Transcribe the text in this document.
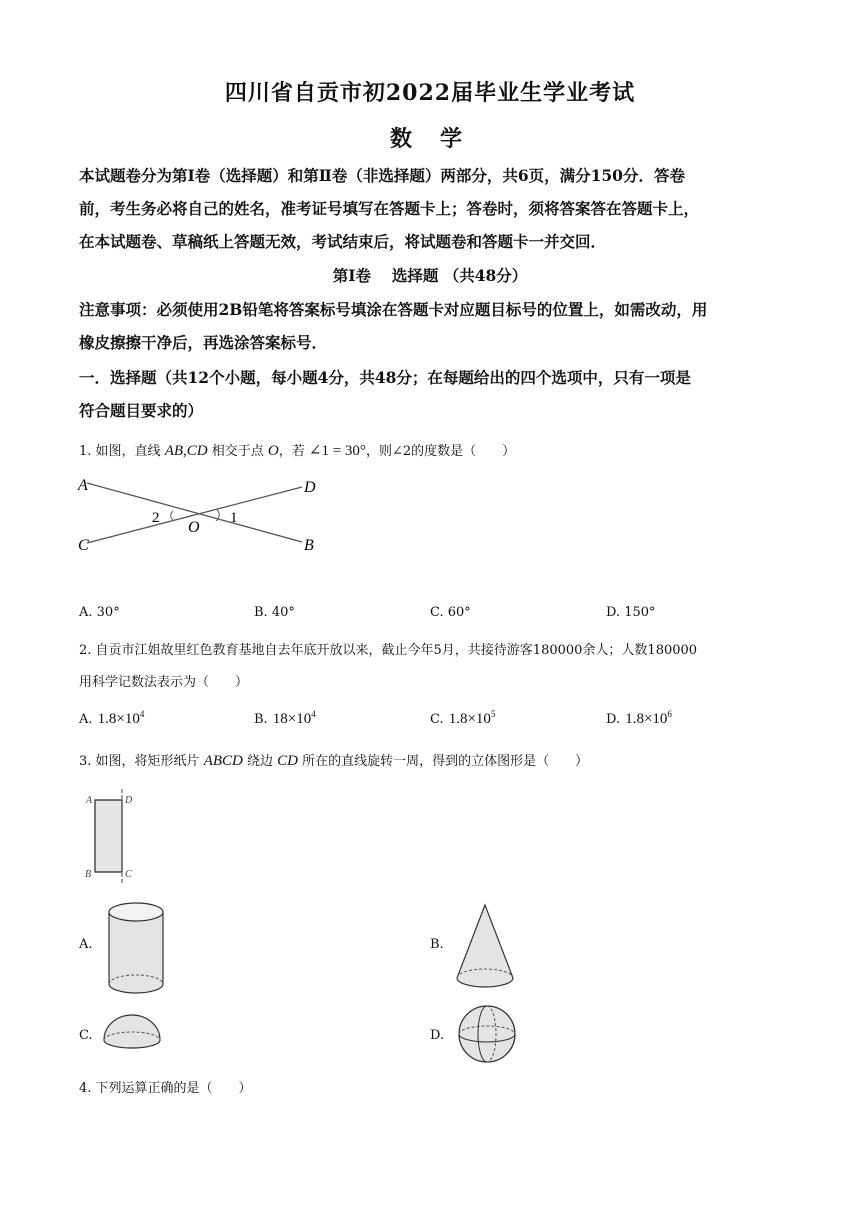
四川省自贡市初2022届毕业生学业考试
数学
本试题卷分为第Ⅰ卷（选择题）和第Ⅱ卷（非选择题）两部分，共6页，满分150分．答卷
前，考生务必将自己的姓名，准考证号填写在答题卡上；答卷时，须将答案答在答题卡上，
在本试题卷、草稿纸上答题无效，考试结束后，将试题卷和答题卡一并交回．
第Ⅰ卷　 选择题 （共48分）
注意事项：必须使用2B铅笔将答案标号填涂在答题卡对应题目标号的位置上，如需改动，用
橡皮擦擦干净后，再选涂答案标号．
一．选择题（共12个小题，每小题4分，共48分；在每题给出的四个选项中，只有一项是
符合题目要求的）
1. 如图，直线 AB,CD 相交于点 O，若 ∠1 = 30°，则∠2的度数是（　　）
A	D
C	B
O
2	1
A. 30°	B. 40°	C. 60°	D. 150°
2. 自贡市江姐故里红色教育基地自去年底开放以来，截止今年5月，共接待游客180000余人；人数180000
用科学记数法表示为（　　）
A. $1.8\times 10^4$	B. $18\times 10^4$	C. $1.8\times 10^5$	D. $1.8\times 10^6$
3. 如图，将矩形纸片 ABCD 绕边 CD 所在的直线旋转一周，得到的立体图形是（　　）
A	D
B	C
A.	B.
C.	D.
4. 下列运算正确的是（　　）
